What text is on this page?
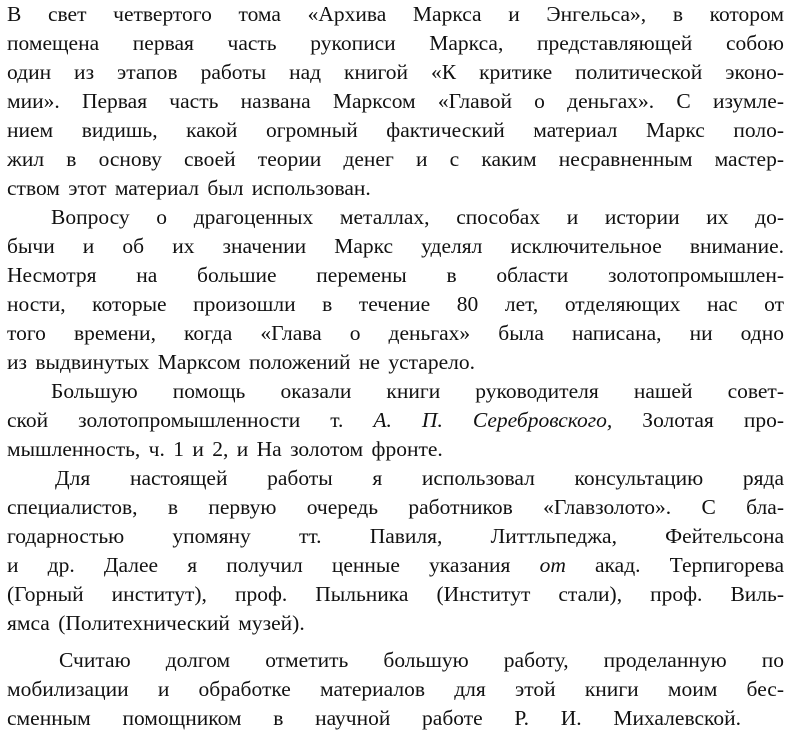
В свет четвертого тома «Архива Маркса и Энгельса», в котором
помещена первая часть рукописи Маркса, представляющей собою
один из этапов работы над книгой «К критике политической эконо-
мии». Первая часть названа Марксом «Главой о деньгах». С изумле-
нием видишь, какой огромный фактический материал Маркс поло-
жил в основу своей теории денег и с каким несравненным мастер-
ством этот материал был использован.
Вопросу о драгоценных металлах, способах и истории их до-
бычи и об их значении Маркс уделял исключительное внимание.
Несмотря на большие перемены в области золотопромышлен-
ности, которые произошли в течение 80 лет, отделяющих нас от
того времени, когда «Глава о деньгах» была написана, ни одно
из выдвинутых Марксом положений не устарело.
Большую помощь оказали книги руководителя нашей совет-
ской золотопромышленности т. А. П. Серебровского, Золотая про-
мышленность, ч. 1 и 2, и На золотом фронте.
Для настоящей работы я использовал консультацию ряда
специалистов, в первую очередь работников «Главзолото». С бла-
годарностью упомяну тт. Павиля, Литтльпеджа, Фейтельсона
и др. Далее я получил ценные указания от акад. Терпигорева
(Горный институт), проф. Пыльника (Институт стали), проф. Виль-
ямса (Политехнический музей).
Считаю долгом отметить большую работу, проделанную по
мобилизации и обработке материалов для этой книги моим бес-
сменным помощником в научной работе Р. И. Михалевской.
